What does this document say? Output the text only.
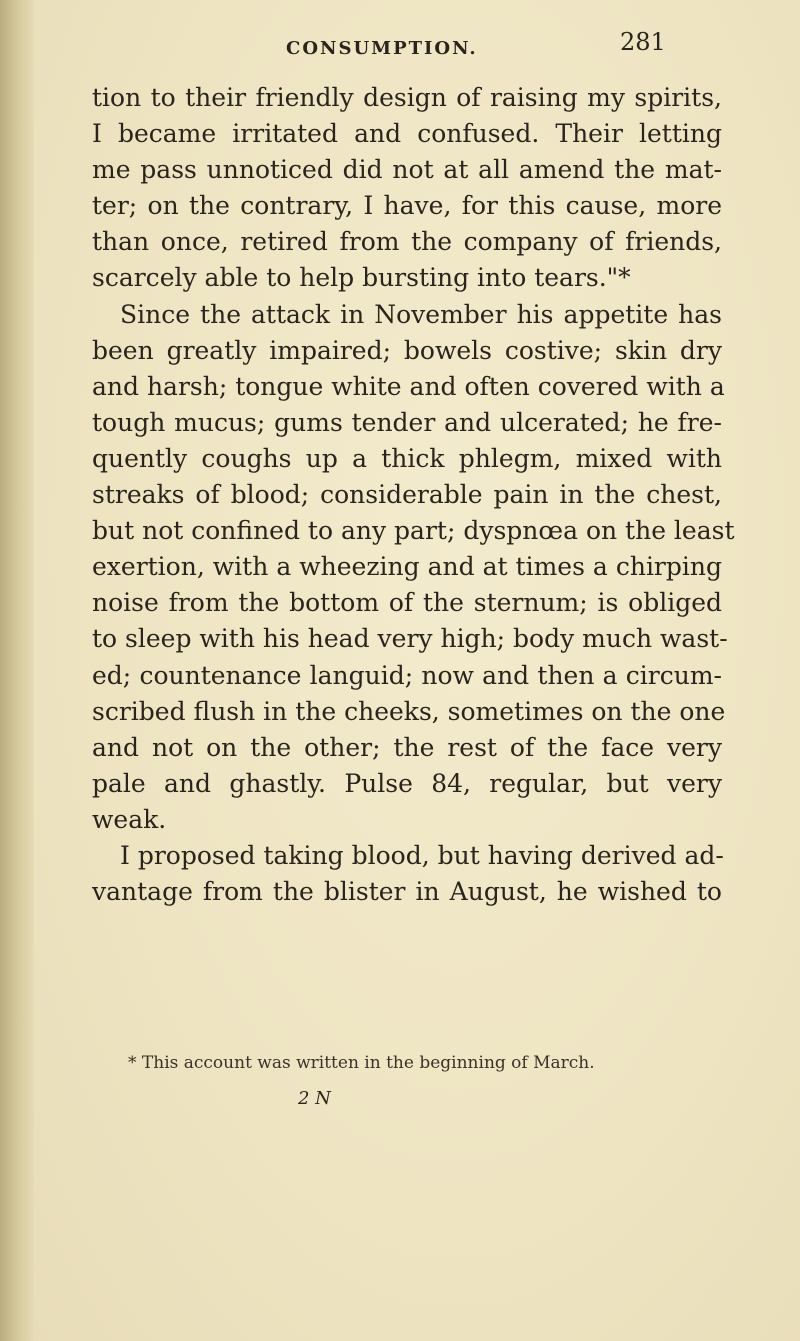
CONSUMPTION.	281
tion to their friendly design of raising my spirits,
I became irritated and confused. Their letting
me pass unnoticed did not at all amend the mat-
ter; on the contrary, I have, for this cause, more
than once, retired from the company of friends,
scarcely able to help bursting into tears."*
Since the attack in November his appetite has
been greatly impaired; bowels costive; skin dry
and harsh; tongue white and often covered with a
tough mucus; gums tender and ulcerated; he fre-
quently coughs up a thick phlegm, mixed with
streaks of blood; considerable pain in the chest,
but not confined to any part; dyspnœa on the least
exertion, with a wheezing and at times a chirping
noise from the bottom of the sternum; is obliged
to sleep with his head very high; body much wast-
ed; countenance languid; now and then a circum-
scribed flush in the cheeks, sometimes on the one
and not on the other; the rest of the face very
pale and ghastly. Pulse 84, regular, but very
weak.
I proposed taking blood, but having derived ad-
vantage from the blister in August, he wished to
* This account was written in the beginning of March.
2 N
